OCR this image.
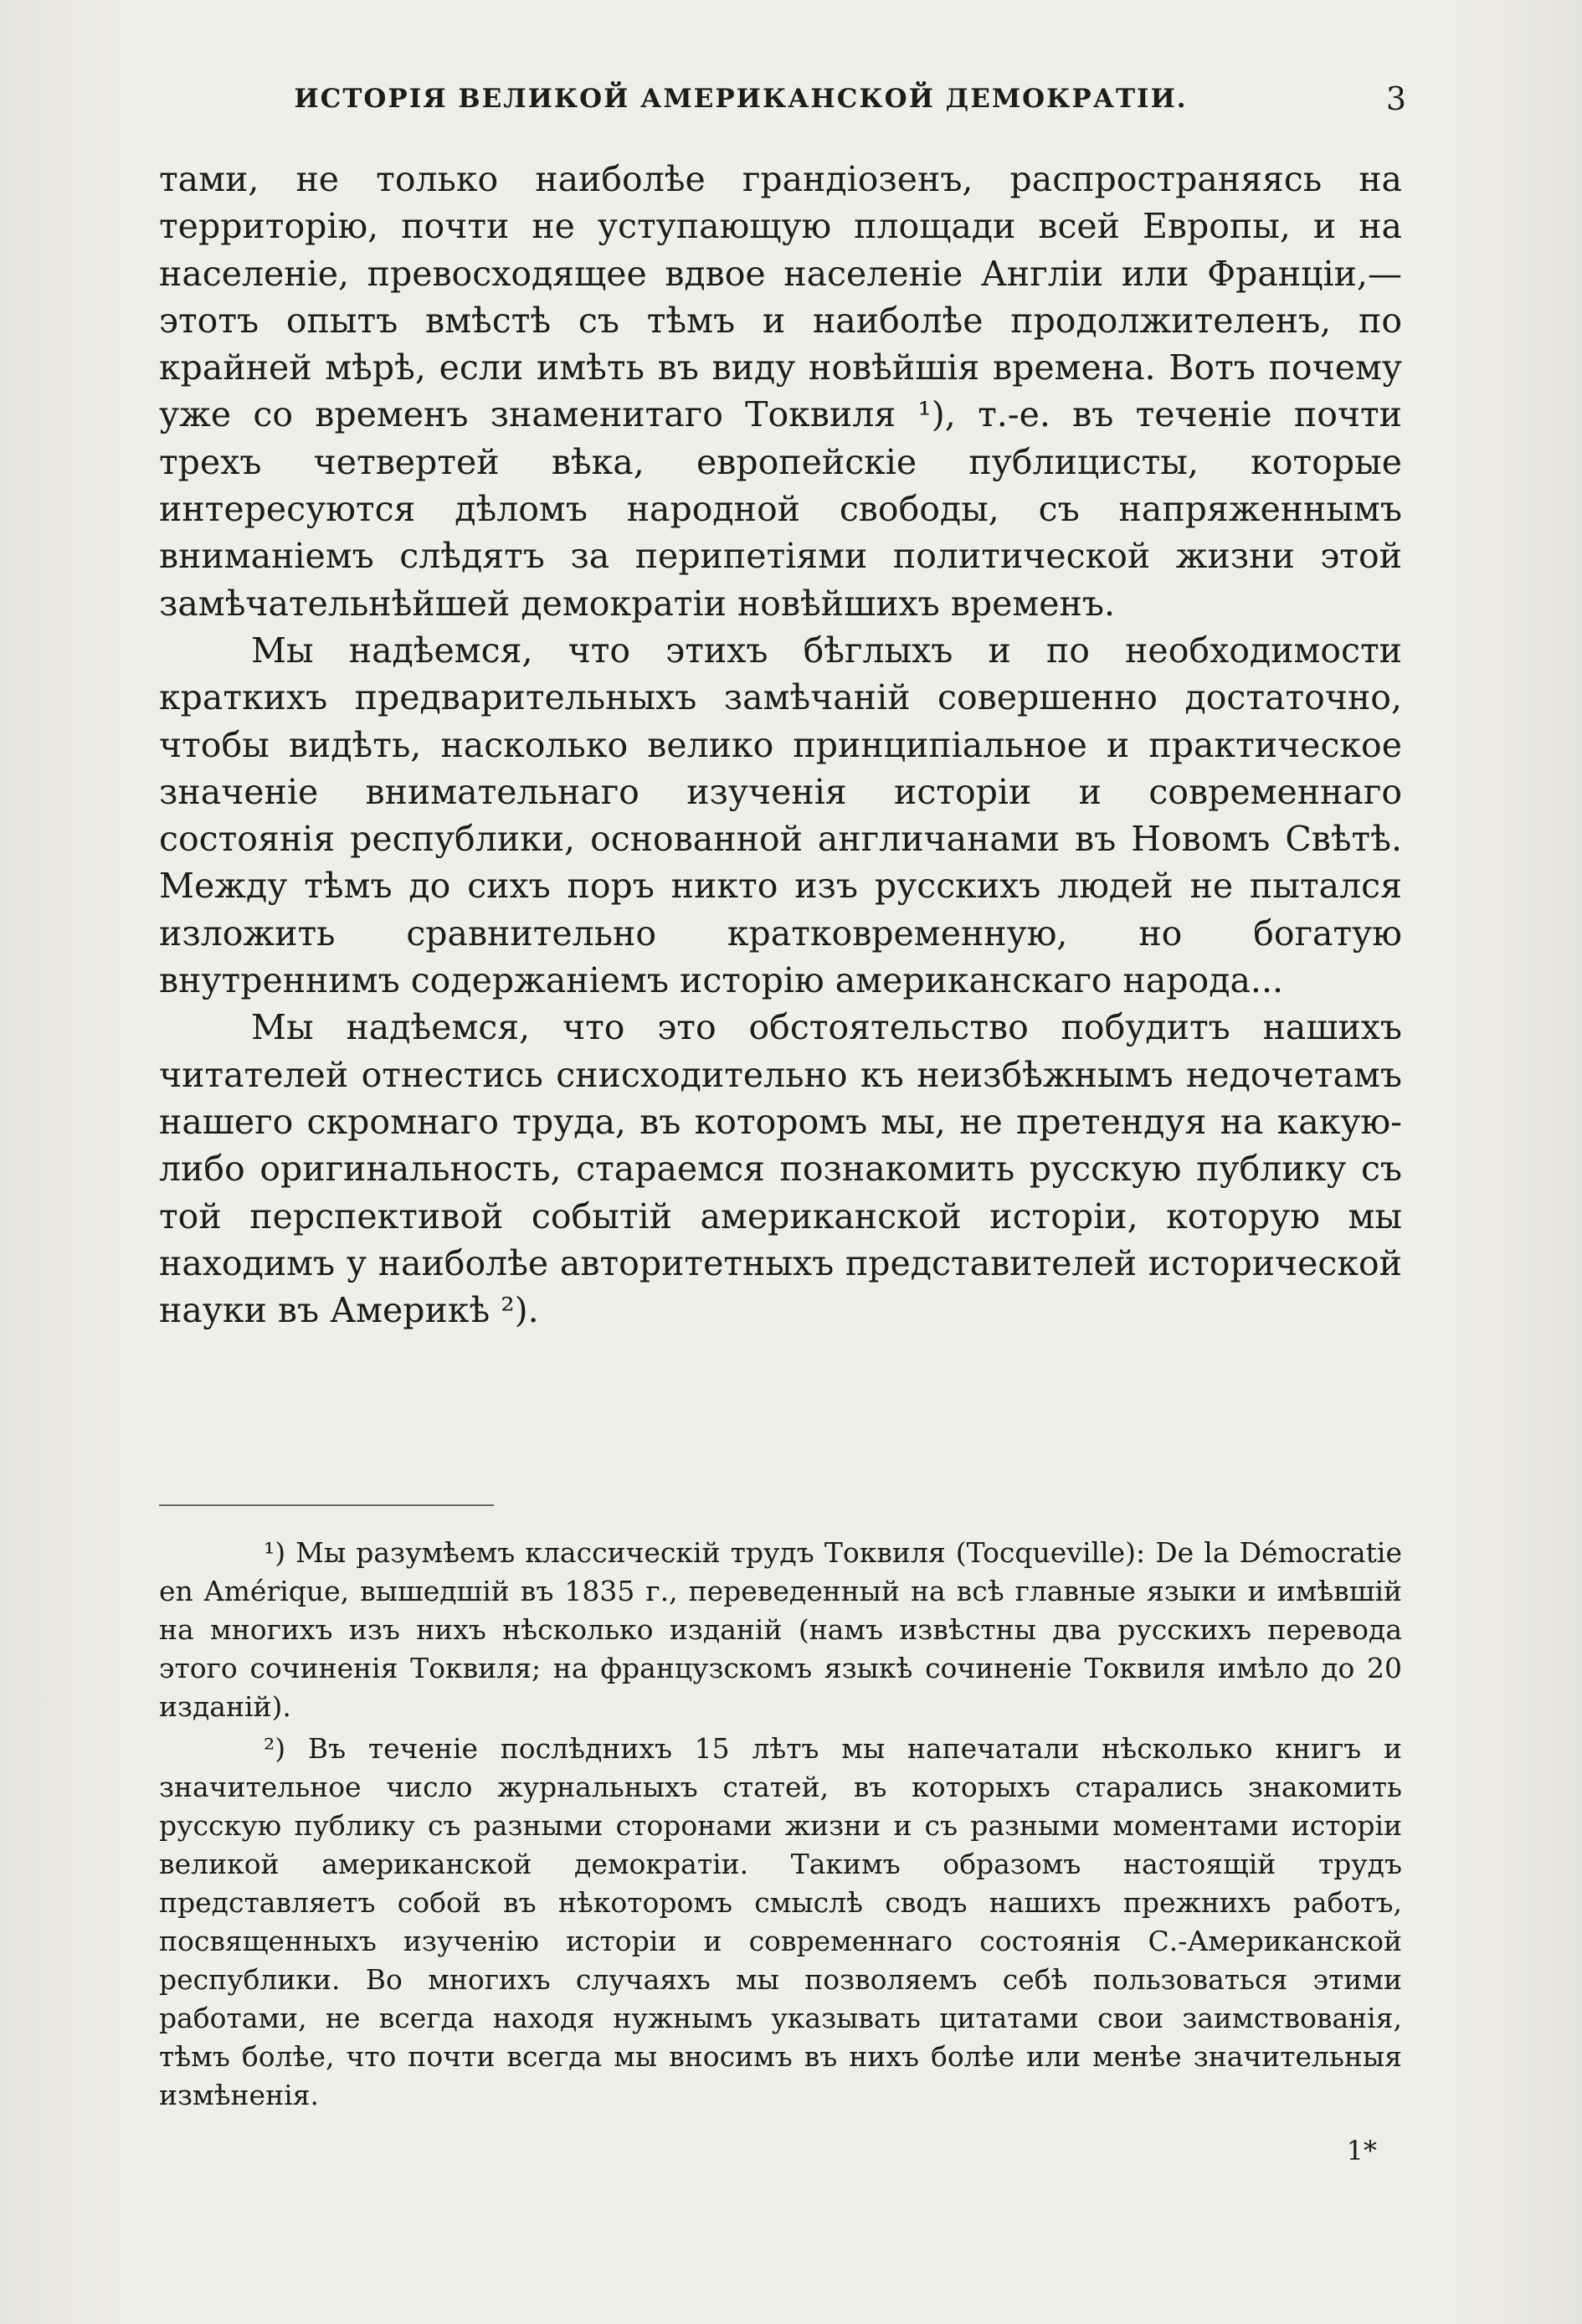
ИСТОРІЯ ВЕЛИКОЙ АМЕРИКАНСКОЙ ДЕМОКРАТІИ.	3

тами, не только наиболѣе грандіозенъ, распространяясь на территорію, почти не уступающую площади всей Европы, и на населеніе, превосходящее вдвое населеніе Англіи или Франціи,—этотъ опытъ вмѣстѣ съ тѣмъ и наиболѣе продолжителенъ, по крайней мѣрѣ, если имѣть въ виду новѣйшія времена. Вотъ почему уже со временъ знаменитаго Токвиля ¹), т.-е. въ теченіе почти трехъ четвертей вѣка, европейскіе публицисты, которые интересуются дѣломъ народной свободы, съ напряженнымъ вниманіемъ слѣдятъ за перипетіями политической жизни этой замѣчательнѣйшей демократіи новѣйшихъ временъ.

Мы надѣемся, что этихъ бѣглыхъ и по необходимости краткихъ предварительныхъ замѣчаній совершенно достаточно, чтобы видѣть, насколько велико принципіальное и практическое значеніе внимательнаго изученія исторіи и современнаго состоянія республики, основанной англичанами въ Новомъ Свѣтѣ. Между тѣмъ до сихъ поръ никто изъ русскихъ людей не пытался изложить сравнительно кратковременную, но богатую внутреннимъ содержаніемъ исторію американскаго народа...

Мы надѣемся, что это обстоятельство побудитъ нашихъ читателей отнестись снисходительно къ неизбѣжнымъ недочетамъ нашего скромнаго труда, въ которомъ мы, не претендуя на какую-либо оригинальность, стараемся познакомить русскую публику съ той перспективой событій американской исторіи, которую мы находимъ у наиболѣе авторитетныхъ представителей исторической науки въ Америкѣ ²).

¹) Мы разумѣемъ классическій трудъ Токвиля (Tocqueville): De la Démocratie en Amérique, вышедшій въ 1835 г., переведенный на всѣ главные языки и имѣвшій на многихъ изъ нихъ нѣсколько изданій (намъ извѣстны два русскихъ перевода этого сочиненія Токвиля; на французскомъ языкѣ сочиненіе Токвиля имѣло до 20 изданій).

²) Въ теченіе послѣднихъ 15 лѣтъ мы напечатали нѣсколько книгъ и значительное число журнальныхъ статей, въ которыхъ старались знакомить русскую публику съ разными сторонами жизни и съ разными моментами исторіи великой американской демократіи. Такимъ образомъ настоящій трудъ представляетъ собой въ нѣкоторомъ смыслѣ сводъ нашихъ прежнихъ работъ, посвященныхъ изученію исторіи и современнаго состоянія С.-Американской республики. Во многихъ случаяхъ мы позволяемъ себѣ пользоваться этими работами, не всегда находя нужнымъ указывать цитатами свои заимствованія, тѣмъ болѣе, что почти всегда мы вносимъ въ нихъ болѣе или менѣе значительныя измѣненія.

1*
